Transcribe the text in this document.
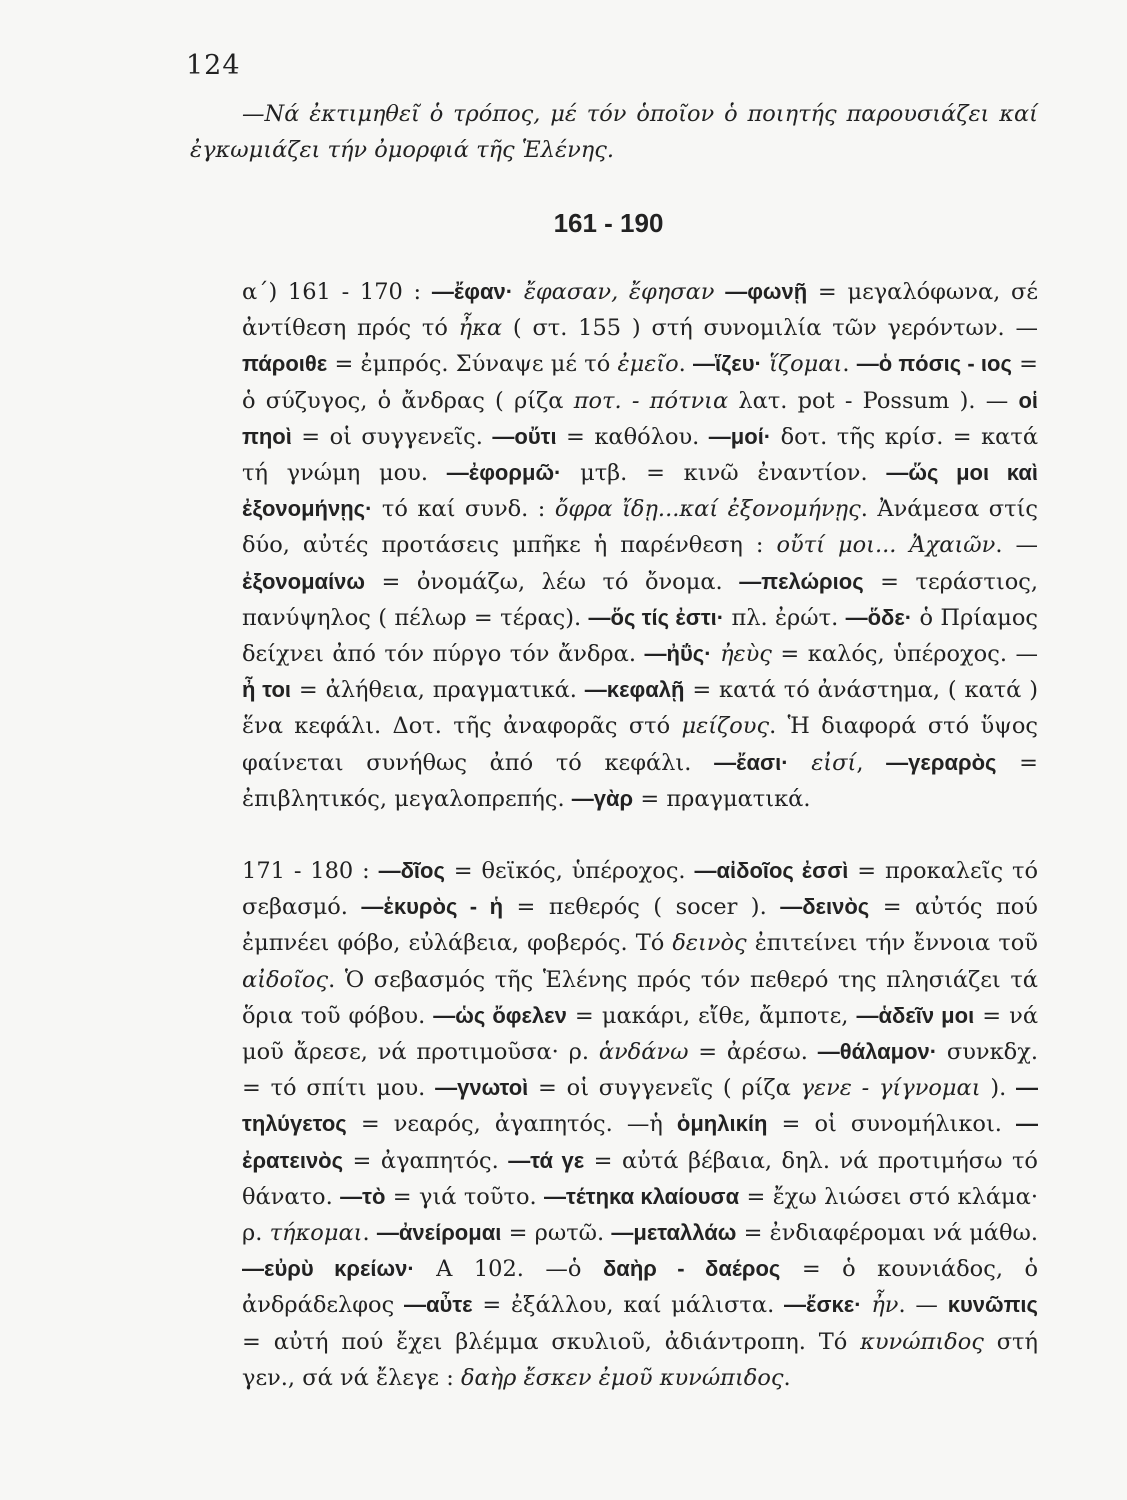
124
—Νά ἐκτιμηθεῖ ὁ τρόπος, μέ τόν ὁποῖον ὁ ποιητής παρουσιάζει καί ἐγκωμιάζει τήν ὀμορφιά τῆς Ἑλένης.
161 - 190

α΄) 161 - 170 : —ἔφαν· ἔφασαν, ἔφησαν —φωνῇ = μεγαλόφωνα, σέ ἀντίθεση πρός τό ἦκα ( στ. 155 ) στή συνομιλία τῶν γερόντων. — πάροιθε = ἐμπρός. Σύναψε μέ τό ἐμεῖο. —ἵζευ· ἵζομαι. —ὁ πόσις - ιος = ὁ σύζυγος, ὁ ἄνδρας ( ρίζα ποτ. - πότνια λατ. pot - Possum ). — οἱ πηοὶ = οἱ συγγενεῖς. —οὔτι = καθόλου. —μοί· δοτ. τῆς κρίσ. = κατά τή γνώμη μου. —ἐφορμῶ· μτβ. = κινῶ ἐναντίον. —ὥς μοι καὶ ἐξονομήνῃς· τό καί συνδ. : ὄφρα ἴδῃ...καί ἐξονομήνῃς. Ἀνάμεσα στίς δύο, αὐτές προτάσεις μπῆκε ἡ παρένθεση : οὔτί μοι... Ἀχαιῶν. — ἐξονομαίνω = ὀνομάζω, λέω τό ὄνομα. —πελώριος = τεράστιος, πανύψηλος ( πέλωρ = τέρας). —ὅς τίς ἐστι· πλ. ἐρώτ. —ὅδε· ὁ Πρίαμος δείχνει ἀπό τόν πύργο τόν ἄνδρα. —ἠΰς· ἠεὺς = καλός, ὑπέροχος. — ἦ τοι = ἀλήθεια, πραγματικά. —κεφαλῇ = κατά τό ἀνάστημα, ( κατά ) ἕνα κεφάλι. Δοτ. τῆς ἀναφορᾶς στό μείζους. Ἡ διαφορά στό ὕψος φαίνεται συνήθως ἀπό τό κεφάλι. —ἔασι· εἰσί, —γεραρὸς = ἐπιβλητικός, μεγαλοπρεπής. —γὰρ = πραγματικά.

171 - 180 : —δῖος = θεϊκός, ὑπέροχος. —αἰδοῖος ἐσσὶ = προκαλεῖς τό σεβασμό. —ἑκυρὸς - ἡ = πεθερός ( socer ). —δεινὸς = αὐτός πού ἐμπνέει φόβο, εὐλάβεια, φοβερός. Τό δεινὸς ἐπιτείνει τήν ἔννοια τοῦ αἰδοῖος. Ὁ σεβασμός τῆς Ἑλένης πρός τόν πεθερό της πλησιάζει τά ὅρια τοῦ φόβου. —ὡς ὄφελεν = μακάρι, εἴθε, ἄμποτε, —ἁδεῖν μοι = νά μοῦ ἄρεσε, νά προτιμοῦσα· ρ. ἁνδάνω = ἀρέσω. —θάλαμον· συνκδχ. = τό σπίτι μου. —γνωτοὶ = οἱ συγγενεῖς ( ρίζα γενε - γίγνομαι ). —τηλύγετος = νεαρός, ἀγαπητός. —ἡ ὁμηλικίη = οἱ συνομήλικοι. —ἐρατεινὸς = ἀγαπητός. —τά γε = αὐτά βέβαια, δηλ. νά προτιμήσω τό θάνατο. —τὸ = γιά τοῦτο. —τέτηκα κλαίουσα = ἔχω λιώσει στό κλάμα· ρ. τήκομαι. —ἀνείρομαι = ρωτῶ. —μεταλλάω = ἐνδιαφέρομαι νά μάθω. —εὐρὺ κρείων· Α 102. —ὁ δαὴρ - δαέρος = ὁ κουνιάδος, ὁ ἀνδράδελφος —αὖτε = ἐξάλλου, καί μάλιστα. —ἔσκε· ἦν. — κυνῶπις = αὐτή πού ἔχει βλέμμα σκυλιοῦ, ἀδιάντροπη. Τό κυνώπιδος στή γεν., σά νά ἔλεγε : δαὴρ ἔσκεν ἐμοῦ κυνώπιδος.
